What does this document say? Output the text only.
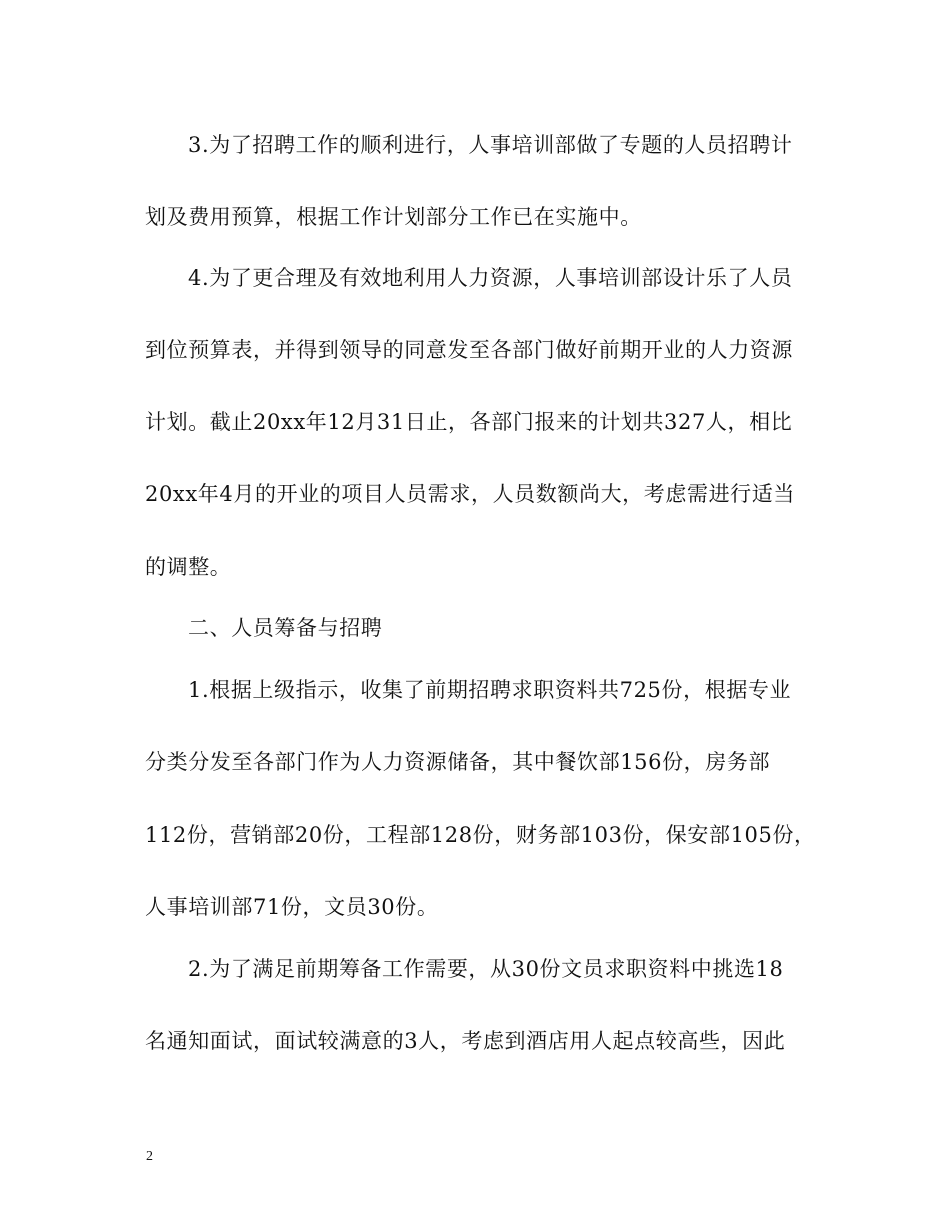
3.为了招聘工作的顺利进行，人事培训部做了专题的人员招聘计
划及费用预算，根据工作计划部分工作已在实施中。
4.为了更合理及有效地利用人力资源，人事培训部设计乐了人员
到位预算表，并得到领导的同意发至各部门做好前期开业的人力资源
计划。截止20xx年12月31日止，各部门报来的计划共327人，相比
20xx年4月的开业的项目人员需求，人员数额尚大，考虑需进行适当
的调整。
二、人员筹备与招聘
1.根据上级指示，收集了前期招聘求职资料共725份，根据专业
分类分发至各部门作为人力资源储备，其中餐饮部156份，房务部
112份，营销部20份，工程部128份，财务部103份，保安部105份，
人事培训部71份，文员30份。
2.为了满足前期筹备工作需要，从30份文员求职资料中挑选18
名通知面试，面试较满意的3人，考虑到酒店用人起点较高些，因此
2
